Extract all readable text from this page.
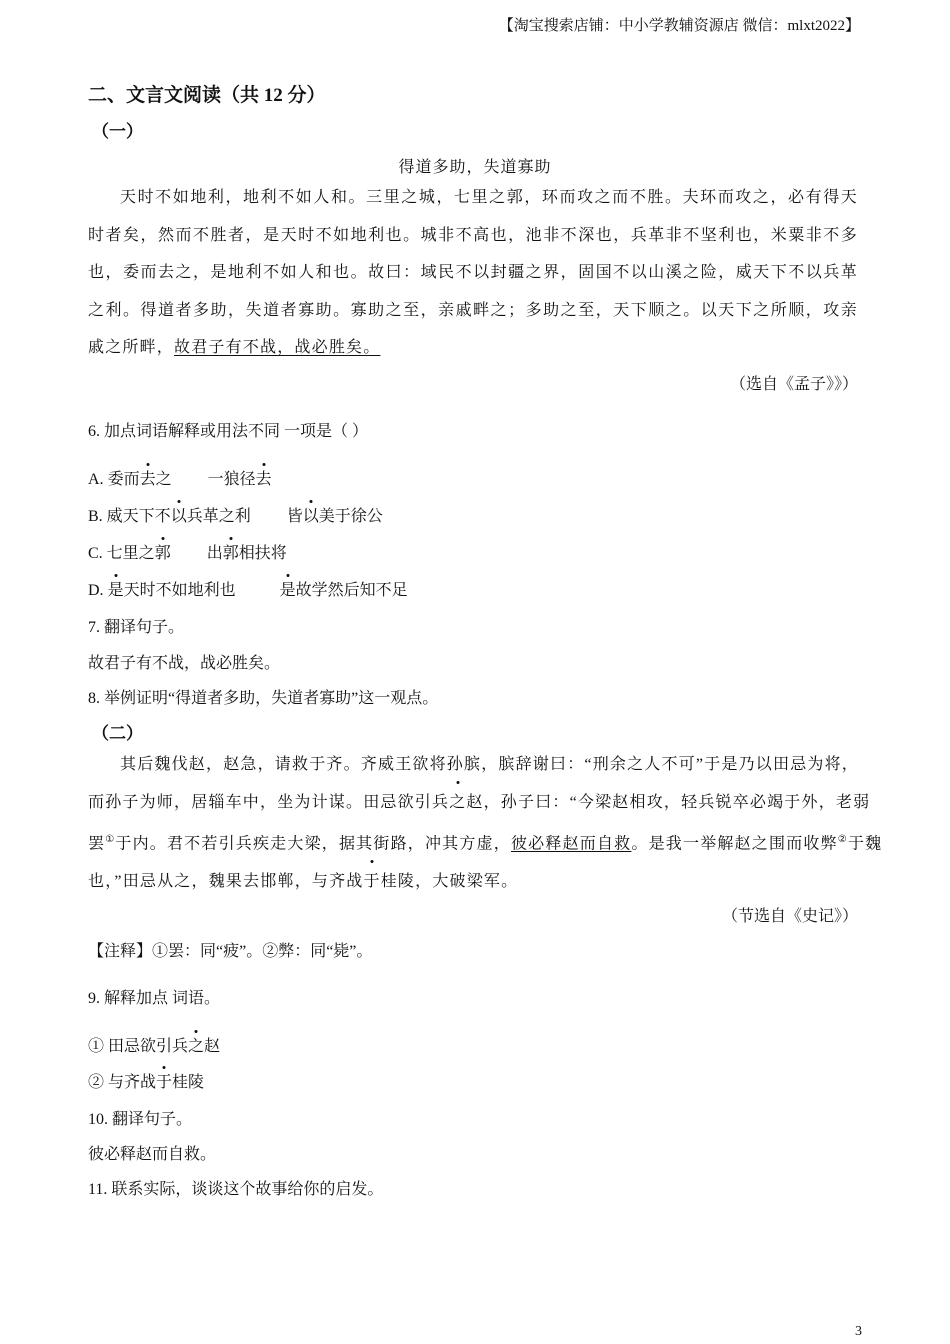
【淘宝搜索店铺：中小学教辅资源店 微信：mlxt2022】
二、文言文阅读（共 12 分）
（一）
得道多助，失道寡助
天时不如地利，地利不如人和。三里之城，七里之郭，环而攻之而不胜。夫环而攻之，必有得天时者矣，然而不胜者，是天时不如地利也。城非不高也，池非不深也，兵革非不坚利也，米粟非不多也，委而去之，是地利不如人和也。故曰：域民不以封疆之界，固国不以山溪之险，威天下不以兵革之利。得道者多助，失道者寡助。寡助之至，亲戚畔之；多助之至，天下顺之。以天下之所顺，攻亲戚之所畔，故君子有不战，战必胜矣。
（选自《孟子》》）
6. 加点词语解释或用法不同 一项是（ ）
A. 委而去之 一狼径去
B. 威天下不以兵革之利 皆以美于徐公
C. 七里之郭 出郭相扶将
D. 是天时不如地利也	是故学然后知不足
7. 翻译句子。
故君子有不战，战必胜矣。
8. 举例证明“得道者多助，失道者寡助”这一观点。
（二）
其后魏伐赵，赵急，请救于齐。齐威王欲将孙膑，膑辞谢曰：“刑余之人不可”于是乃以田忌为将，
而孙子为师，居辎车中，坐为计谋。田忌欲引兵之赵，孙子曰：“今梁赵相攻，轻兵锐卒必竭于外，老弱
罢①于内。君不若引兵疾走大梁，据其街路，冲其方虚，彼必释赵而自救。是我一举解赵之围而收弊②于魏
也，”田忌从之，魏果去邯郸，与齐战于桂陵，大破梁军。
（节选自《史记》）
【注释】①罢：同“疲”。②弊：同“毙”。
9. 解释加点 词语。
① 田忌欲引兵之赵
② 与齐战于桂陵
10. 翻译句子。
彼必释赵而自救。
11. 联系实际，谈谈这个故事给你的启发。
3
